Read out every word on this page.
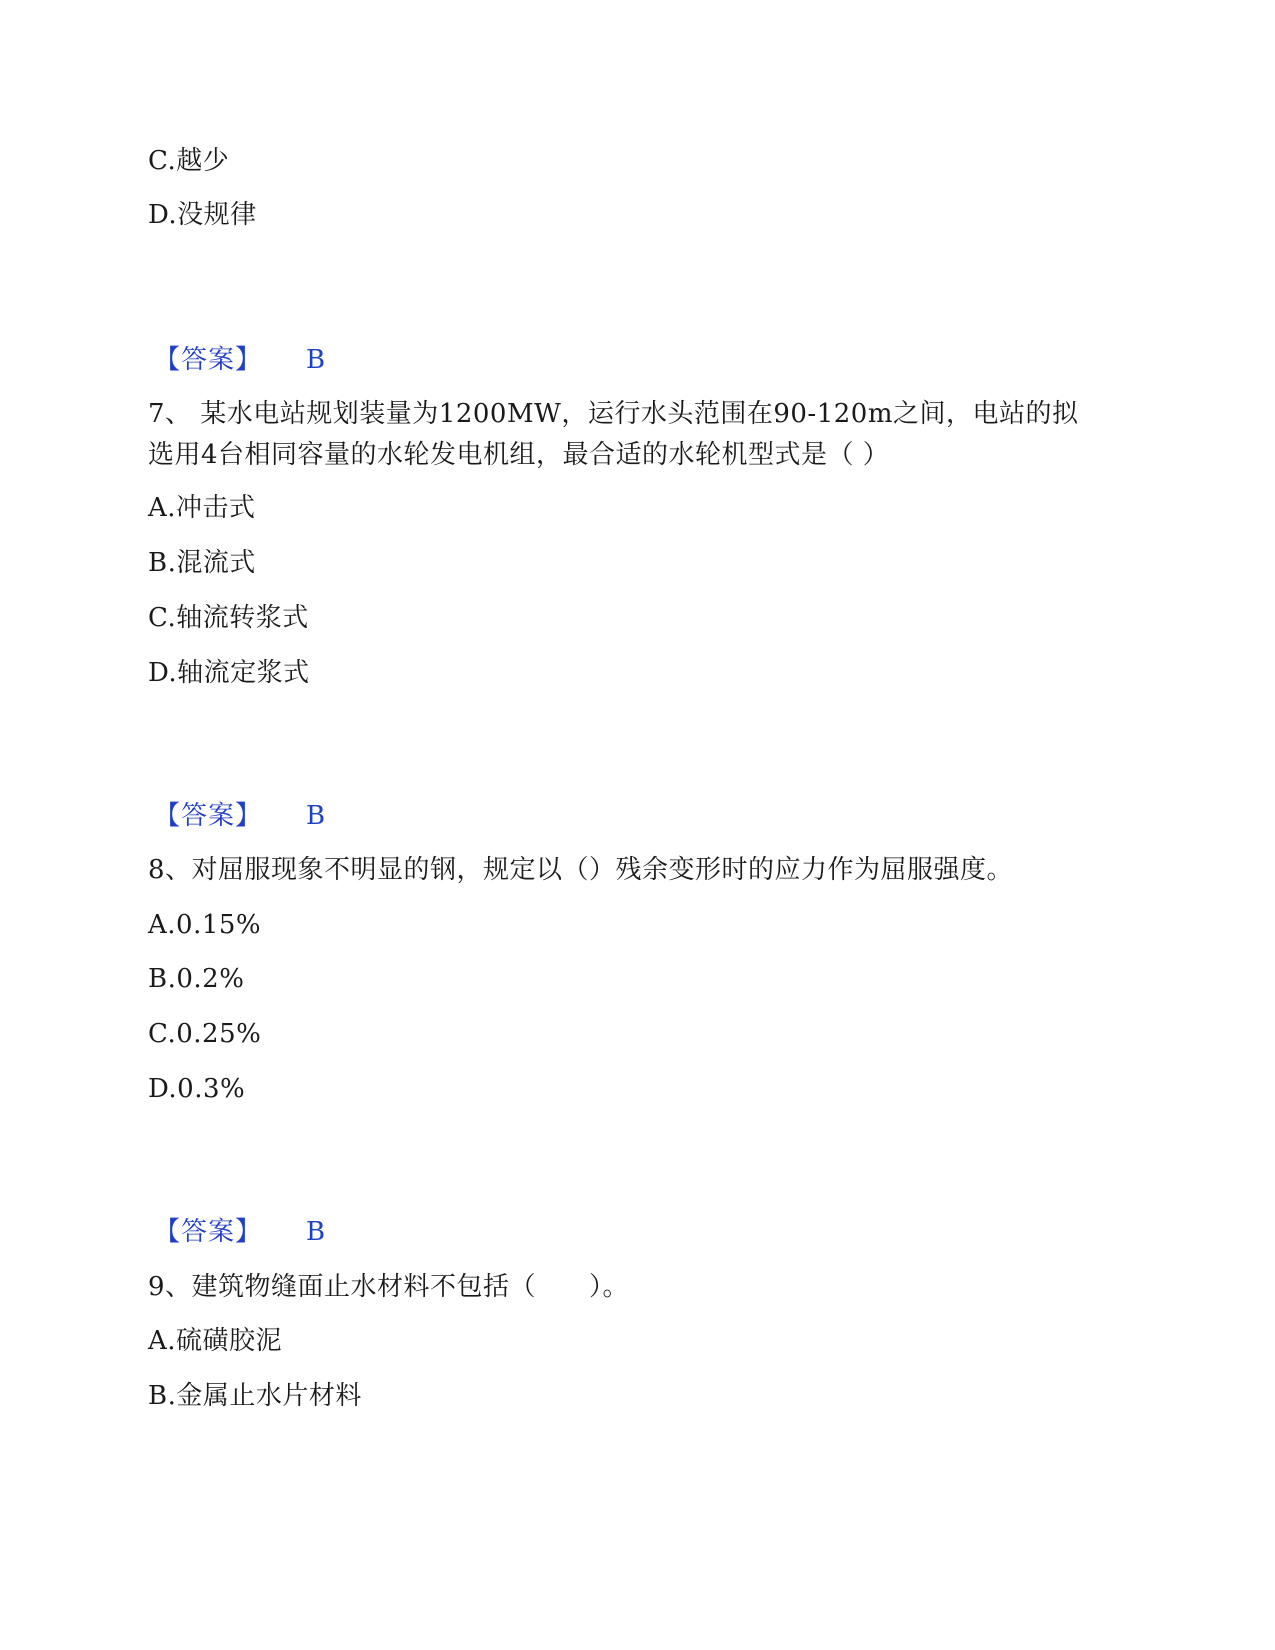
C.越少
D.没规律
【答案】 B
7、 某水电站规划装量为1200MW，运行水头范围在90-120m之间，电站的拟
选用4台相同容量的水轮发电机组，最合适的水轮机型式是（ ）
A.冲击式
B.混流式
C.轴流转浆式
D.轴流定浆式
【答案】 B
8、对屈服现象不明显的钢，规定以（）残余变形时的应力作为屈服强度。
A.0.15%
B.0.2%
C.0.25%
D.0.3%
【答案】 B
9、建筑物缝面止水材料不包括（　　）。
A.硫磺胶泥
B.金属止水片材料
